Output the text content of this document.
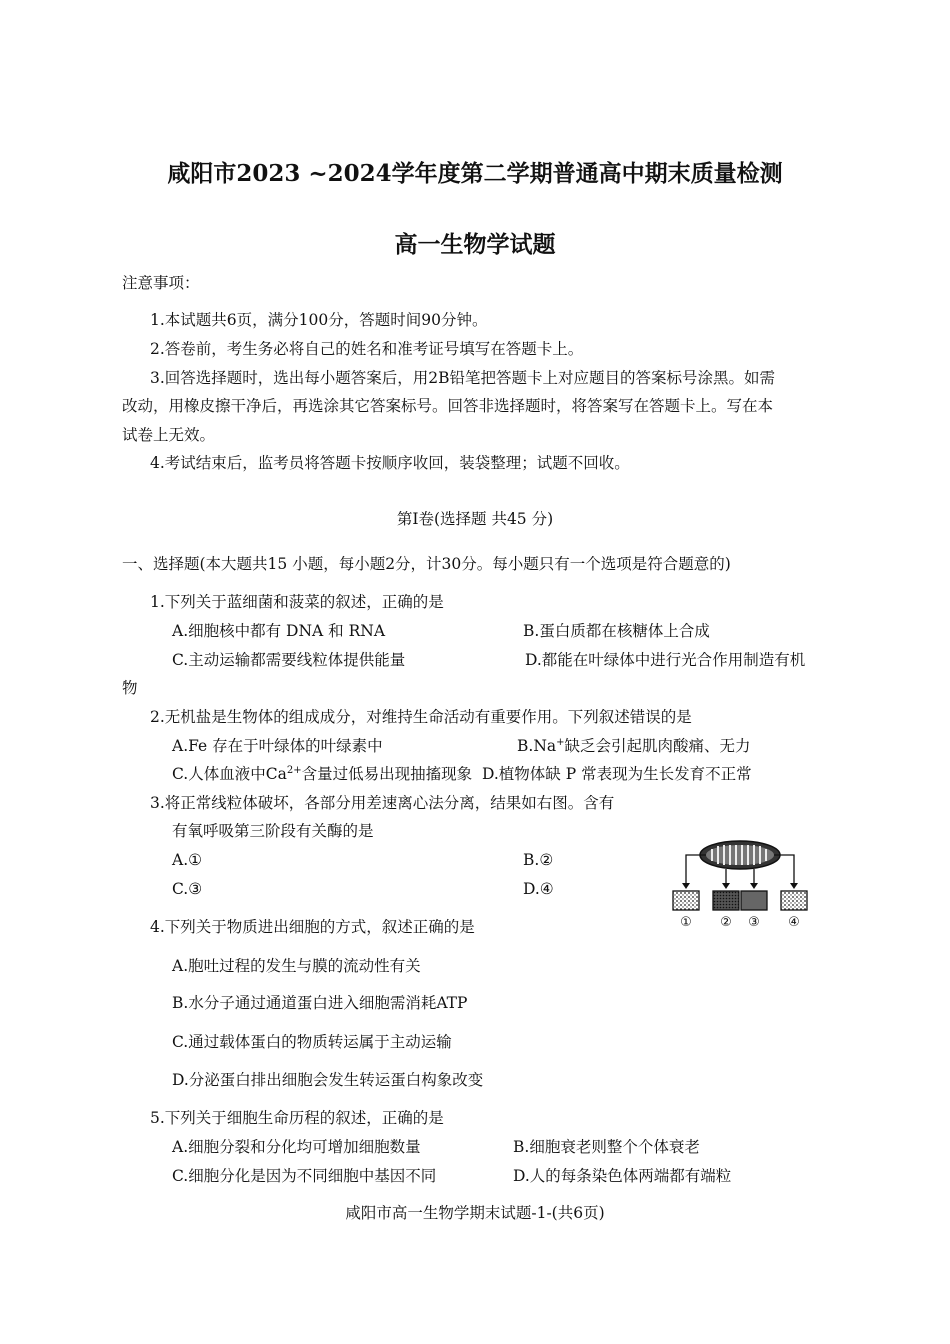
咸阳市2023 ~2024学年度第二学期普通高中期末质量检测
高一生物学试题
注意事项：
1.本试题共6页，满分100分，答题时间90分钟。
2.答卷前，考生务必将自己的姓名和准考证号填写在答题卡上。
3.回答选择题时，选出每小题答案后，用2B铅笔把答题卡上对应题目的答案标号涂黑。如需
改动，用橡皮擦干净后，再选涂其它答案标号。回答非选择题时，将答案写在答题卡上。写在本
试卷上无效。
4.考试结束后，监考员将答题卡按顺序收回，装袋整理；试题不回收。
第Ⅰ卷(选择题 共45 分)
一、选择题(本大题共15 小题，每小题2分，计30分。每小题只有一个选项是符合题意的)
1.下列关于蓝细菌和菠菜的叙述，正确的是
A.细胞核中都有 DNA 和 RNA	B.蛋白质都在核糖体上合成
C.主动运输都需要线粒体提供能量	D.都能在叶绿体中进行光合作用制造有机
物
2.无机盐是生物体的组成成分，对维持生命活动有重要作用。下列叙述错误的是
A.Fe 存在于叶绿体的叶绿素中	B.Na+缺乏会引起肌肉酸痛、无力
C.人体血液中$Ca^{2+}$含量过低易出现抽搐现象 D.植物体缺 P 常表现为生长发育不正常
3.将正常线粒体破坏，各部分用差速离心法分离，结果如右图。含有
有氧呼吸第三阶段有关酶的是
A.①	B.②
C.③	D.④
① ② ③ ④
4.下列关于物质进出细胞的方式，叙述正确的是
A.胞吐过程的发生与膜的流动性有关
B.水分子通过通道蛋白进入细胞需消耗ATP
C.通过载体蛋白的物质转运属于主动运输
D.分泌蛋白排出细胞会发生转运蛋白构象改变
5.下列关于细胞生命历程的叙述，正确的是
A.细胞分裂和分化均可增加细胞数量	B.细胞衰老则整个个体衰老
C.细胞分化是因为不同细胞中基因不同	D.人的每条染色体两端都有端粒
咸阳市高一生物学期末试题-1-(共6页)
